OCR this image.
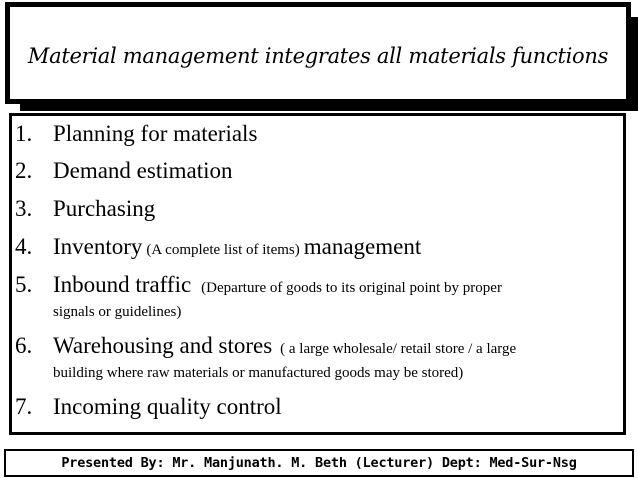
Material management integrates all materials functions
1. Planning for materials
2. Demand estimation
3. Purchasing
4. Inventory (A complete list of items) management
5. Inbound traffic (Departure of goods to its original point by proper
signals or guidelines)
6. Warehousing and stores ( a large wholesale/ retail store / a large
building where raw materials or manufactured goods may be stored)
7. Incoming quality control
Presented By: Mr. Manjunath. M. Beth (Lecturer) Dept: Med-Sur-Nsg
